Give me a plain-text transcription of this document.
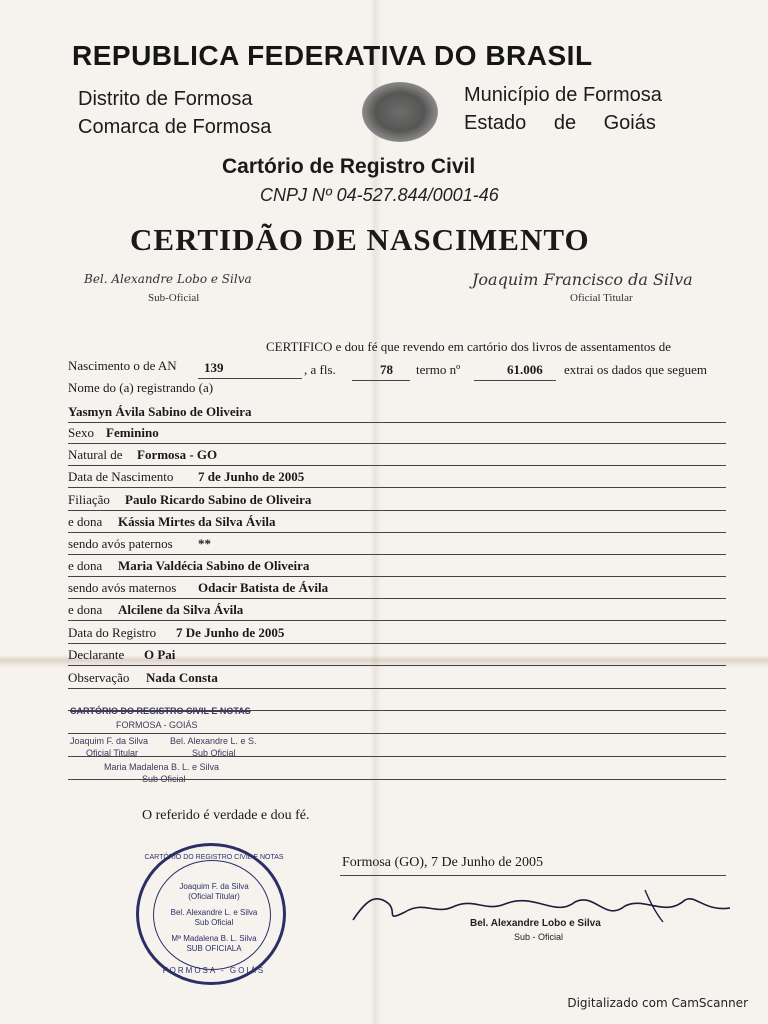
REPUBLICA FEDERATIVA DO BRASIL
Distrito de Formosa
Comarca de Formosa
Município de Formosa
Estado de Goiás
Cartório de Registro Civil
CNPJ Nº 04-527.844/0001-46
CERTIDÃO DE NASCIMENTO
Bel. Alexandre Lobo e Silva
Sub-Oficial
Joaquim Francisco da Silva
Oficial Titular
CERTIFICO e dou fé que revendo em cartório dos livros de assentamentos de
Nascimento o de AN 139	, a fls.	78 termo nº	61.006 extrai os dados que seguem
Nome do (a) registrando (a)
Yasmyn Ávila Sabino de Oliveira
Sexo Feminino
Natural de Formosa - GO
Data de Nascimento 7 de Junho de 2005
Filiação Paulo Ricardo Sabino de Oliveira
e dona Kássia Mirtes da Silva Ávila
sendo avós paternos **
e dona Maria Valdécia Sabino de Oliveira
sendo avós maternos Odacir Batista de Ávila
e dona Alcilene da Silva Ávila
Data do Registro 7 De Junho de 2005
Declarante O Pai
Observação Nada Consta
CARTÓRIO DO REGISTRO CIVIL E NOTAS
FORMOSA - GOIÁS
Joaquim F. da Silva Bel. Alexandre L. e S.
Oficial Titular	Sub Oficial
Maria Madalena B. L. e Silva
Sub Oficial
O referido é verdade e dou fé.
Formosa (GO), 7 De Junho de 2005
Bel. Alexandre Lobo e Silva
Sub - Oficial
CARTÓRIO DO REGISTRO CIVIL E NOTAS
Joaquim F. da Silva
(Oficial Titular)
Bel. Alexandre L. e Silva
Sub Oficial
Mª Madalena B. L. Silva
SUB OFICIALA
FORMOSA - GOIÁS
Digitalizado com CamScanner
